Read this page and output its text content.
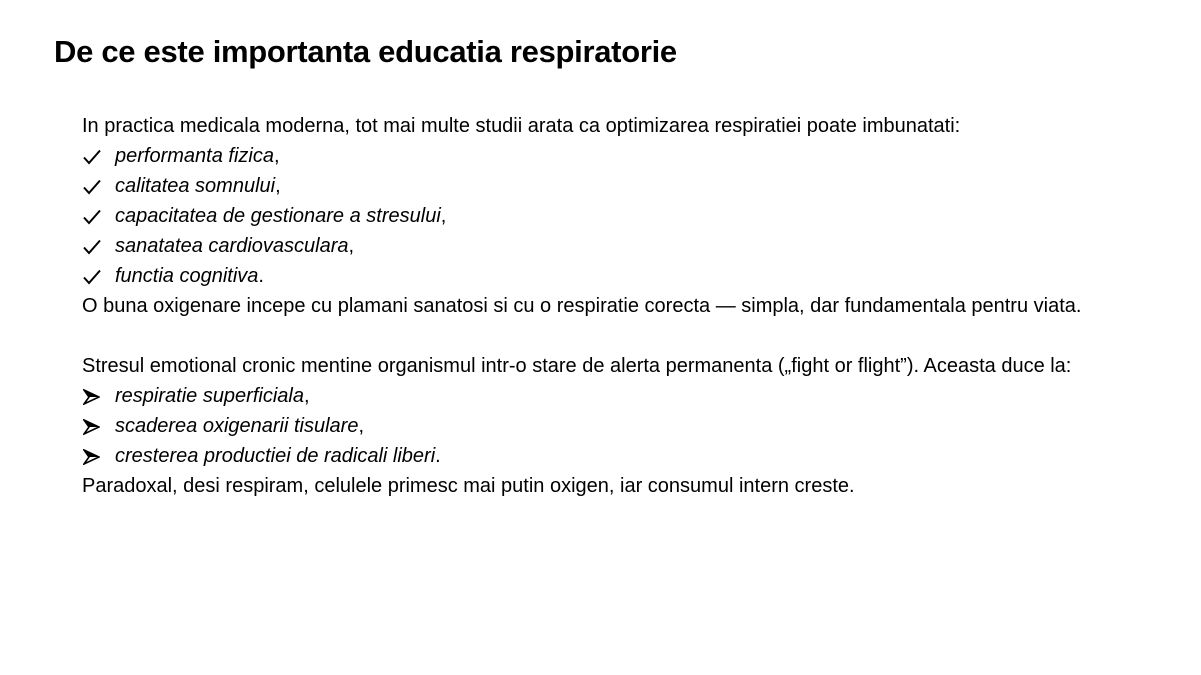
De ce este importanta educatia respiratorie

In practica medicala moderna, tot mai multe studii arata ca optimizarea respiratiei poate imbunatati:

performanta fizica,
calitatea somnului,
capacitatea de gestionare a stresului,
sanatatea cardiovasculara,
functia cognitiva.

O buna oxigenare incepe cu plamani sanatosi si cu o respiratie corecta — simpla, dar fundamentala pentru viata.

Stresul emotional cronic mentine organismul intr-o stare de alerta permanenta („fight or flight”). Aceasta duce la:

respiratie superficiala,
scaderea oxigenarii tisulare,
cresterea productiei de radicali liberi.

Paradoxal, desi respiram, celulele primesc mai putin oxigen, iar consumul intern creste.
